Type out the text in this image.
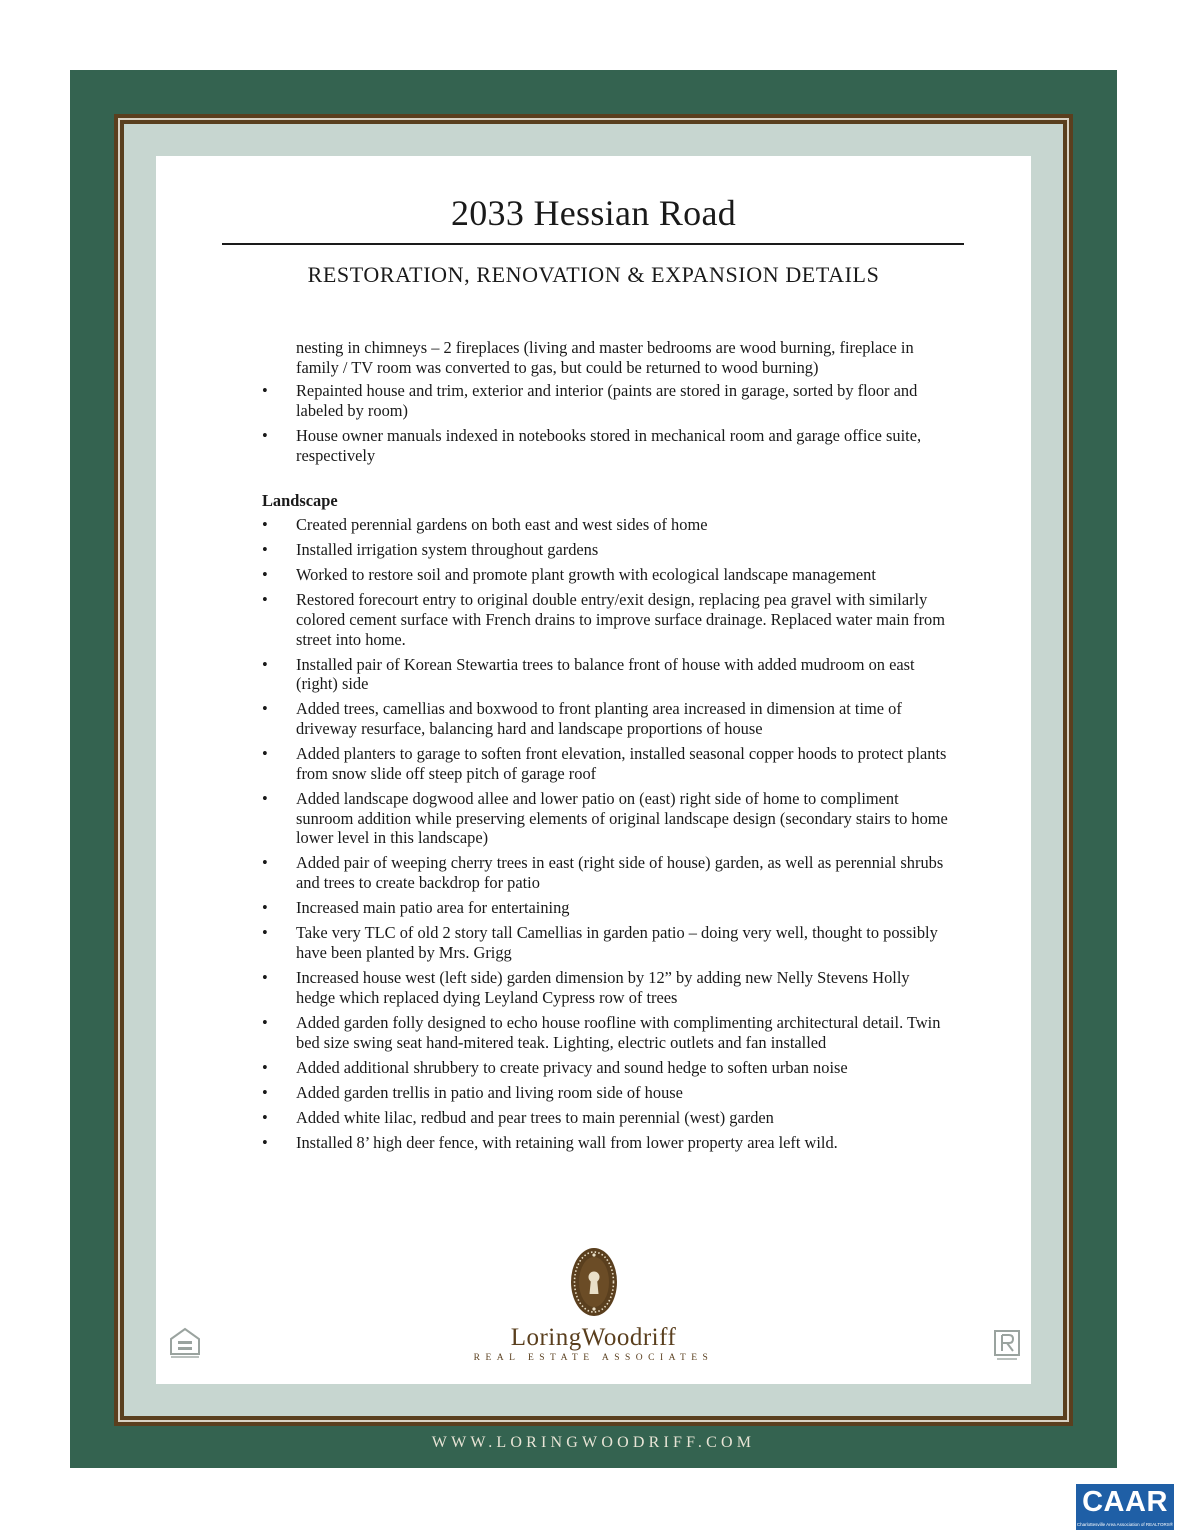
2033 Hessian Road
RESTORATION, RENOVATION & EXPANSION DETAILS

nesting in chimneys – 2 fireplaces (living and master bedrooms are wood burning, fireplace in family / TV room was converted to gas, but could be returned to wood burning)

• Repainted house and trim, exterior and interior (paints are stored in garage, sorted by floor and labeled by room)
• House owner manuals indexed in notebooks stored in mechanical room and garage office suite, respectively
Landscape
• Created perennial gardens on both east and west sides of home
• Installed irrigation system throughout gardens
• Worked to restore soil and promote plant growth with ecological landscape management
• Restored forecourt entry to original double entry/exit design, replacing pea gravel with similarly colored cement surface with French drains to improve surface drainage. Replaced water main from street into home.
• Installed pair of Korean Stewartia trees to balance front of house with added mudroom on east (right) side
• Added trees, camellias and boxwood to front planting area increased in dimension at time of driveway resurface, balancing hard and landscape proportions of house
• Added planters to garage to soften front elevation, installed seasonal copper hoods to protect plants from snow slide off steep pitch of garage roof
• Added landscape dogwood allee and lower patio on (east) right side of home to compliment sunroom addition while preserving elements of original landscape design (secondary stairs to home lower level in this landscape)
• Added pair of weeping cherry trees in east (right side of house) garden, as well as perennial shrubs and trees to create backdrop for patio
• Increased main patio area for entertaining
• Take very TLC of old 2 story tall Camellias in garden patio – doing very well, thought to possibly have been planted by Mrs. Grigg
• Increased house west (left side) garden dimension by 12” by adding new Nelly Stevens Holly hedge which replaced dying Leyland Cypress row of trees
• Added garden folly designed to echo house roofline with complimenting architectural detail. Twin bed size swing seat hand-mitered teak. Lighting, electric outlets and fan installed
• Added additional shrubbery to create privacy and sound hedge to soften urban noise
• Added garden trellis in patio and living room side of house
• Added white lilac, redbud and pear trees to main perennial (west) garden
• Installed 8’ high deer fence, with retaining wall from lower property area left wild.
LoringWoodriff
REAL ESTATE ASSOCIATES
WWW.LORINGWOODRIFF.COM
CAAR
Charlottesville Area Association of REALTORS®
